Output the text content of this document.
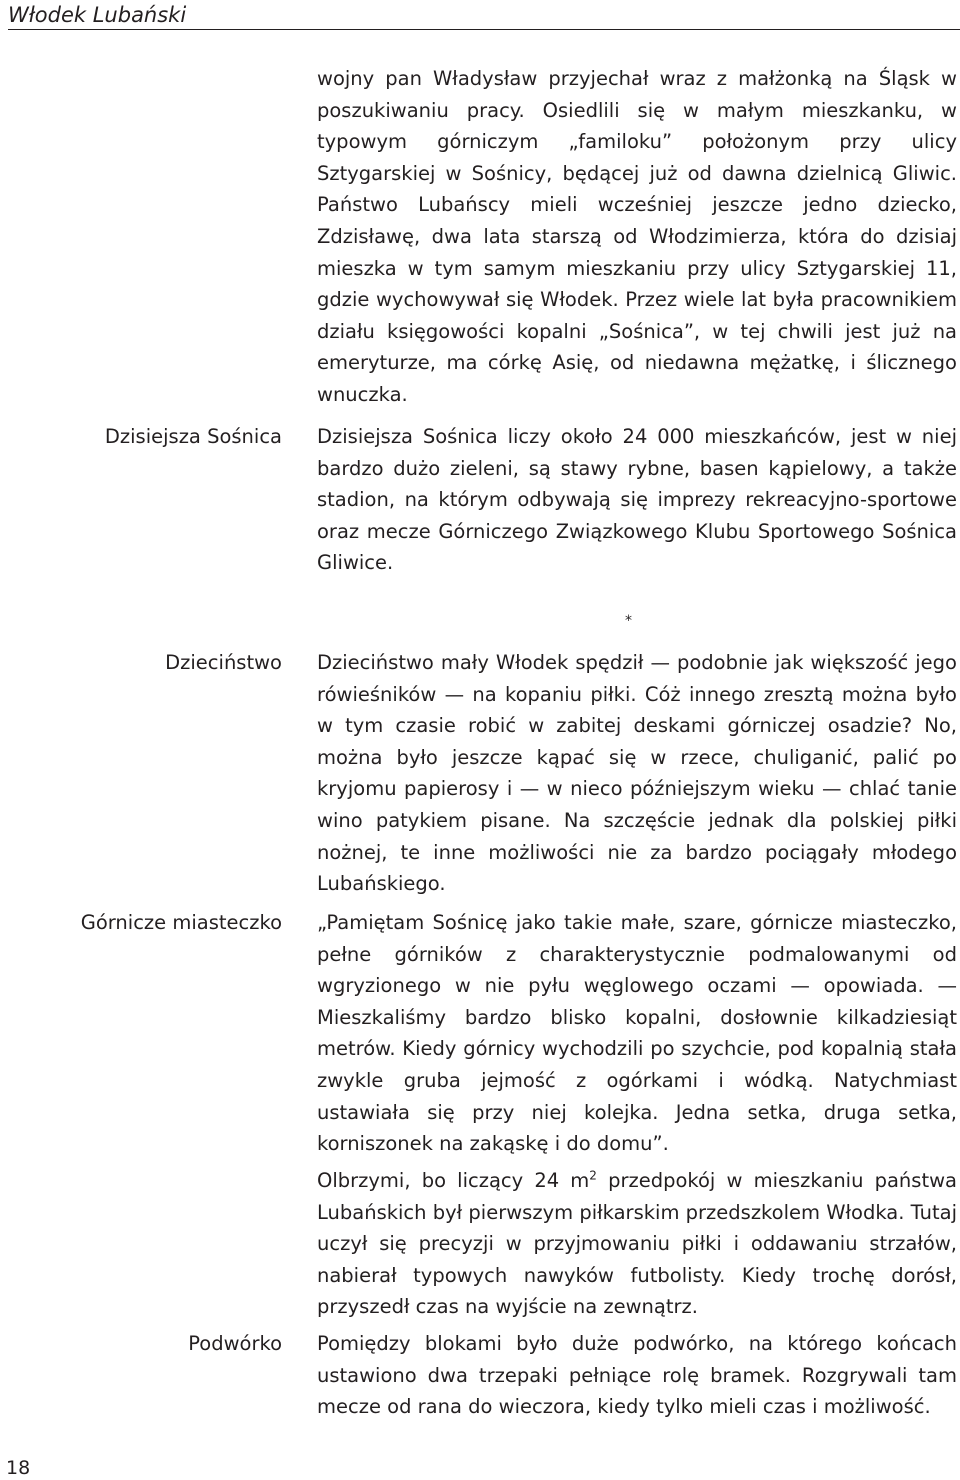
Włodek Lubański

wojny pan Władysław przyjechał wraz z małżonką na Śląsk w poszukiwaniu pracy. Osiedlili się w małym mieszkanku, w typowym górniczym „familoku” położonym przy ulicy Sztygarskiej w Sośnicy, będącej już od dawna dzielnicą Gliwic. Państwo Lubańscy mieli wcześniej jeszcze jedno dziecko, Zdzisławę, dwa lata starszą od Włodzimierza, która do dzisiaj mieszka w tym samym mieszkaniu przy ulicy Sztygarskiej 11, gdzie wychowywał się Włodek. Przez wiele lat była pracownikiem działu księgowości kopalni „Sośnica”, w tej chwili jest już na emeryturze, ma córkę Asię, od niedawna mężatkę, i ślicznego wnuczka.

Dzisiejsza Sośnica Dzisiejsza Sośnica liczy około 24 000 mieszkańców, jest w niej bardzo dużo zieleni, są stawy rybne, basen kąpielowy, a także stadion, na którym odbywają się imprezy rekreacyjno-sportowe oraz mecze Górniczego Związkowego Klubu Sportowego Sośnica Gliwice.

*
Dzieciństwo Dzieciństwo mały Włodek spędził — podobnie jak większość jego rówieśników — na kopaniu piłki. Cóż innego zresztą można było w tym czasie robić w zabitej deskami górniczej osadzie? No, można było jeszcze kąpać się w rzece, chuliganić, palić po kryjomu papierosy i — w nieco późniejszym wieku — chlać tanie wino patykiem pisane. Na szczęście jednak dla polskiej piłki nożnej, te inne możliwości nie za bardzo pociągały młodego Lubańskiego.

Górnicze miasteczko „Pamiętam Sośnicę jako takie małe, szare, górnicze miasteczko, pełne górników z charakterystycznie podmalowanymi od wgryzionego w nie pyłu węglowego oczami — opowiada. — Mieszkaliśmy bardzo blisko kopalni, dosłownie kilkadziesiąt metrów. Kiedy górnicy wychodzili po szychcie, pod kopalnią stała zwykle gruba jejmość z ogórkami i wódką. Natychmiast ustawiała się przy niej kolejka. Jedna setka, druga setka, korniszonek na zakąskę i do domu”.

Olbrzymi, bo liczący 24 $m^2$ przedpokój w mieszkaniu państwa Lubańskich był pierwszym piłkarskim przedszkolem Włodka. Tutaj uczył się precyzji w przyjmowaniu piłki i oddawaniu strzałów, nabierał typowych nawyków futbolisty. Kiedy trochę dorósł, przyszedł czas na wyjście na zewnątrz.

Podwórko Pomiędzy blokami było duże podwórko, na którego końcach ustawiono dwa trzepaki pełniące rolę bramek. Rozgrywali tam mecze od rana do wieczora, kiedy tylko mieli czas i możliwość.

18
